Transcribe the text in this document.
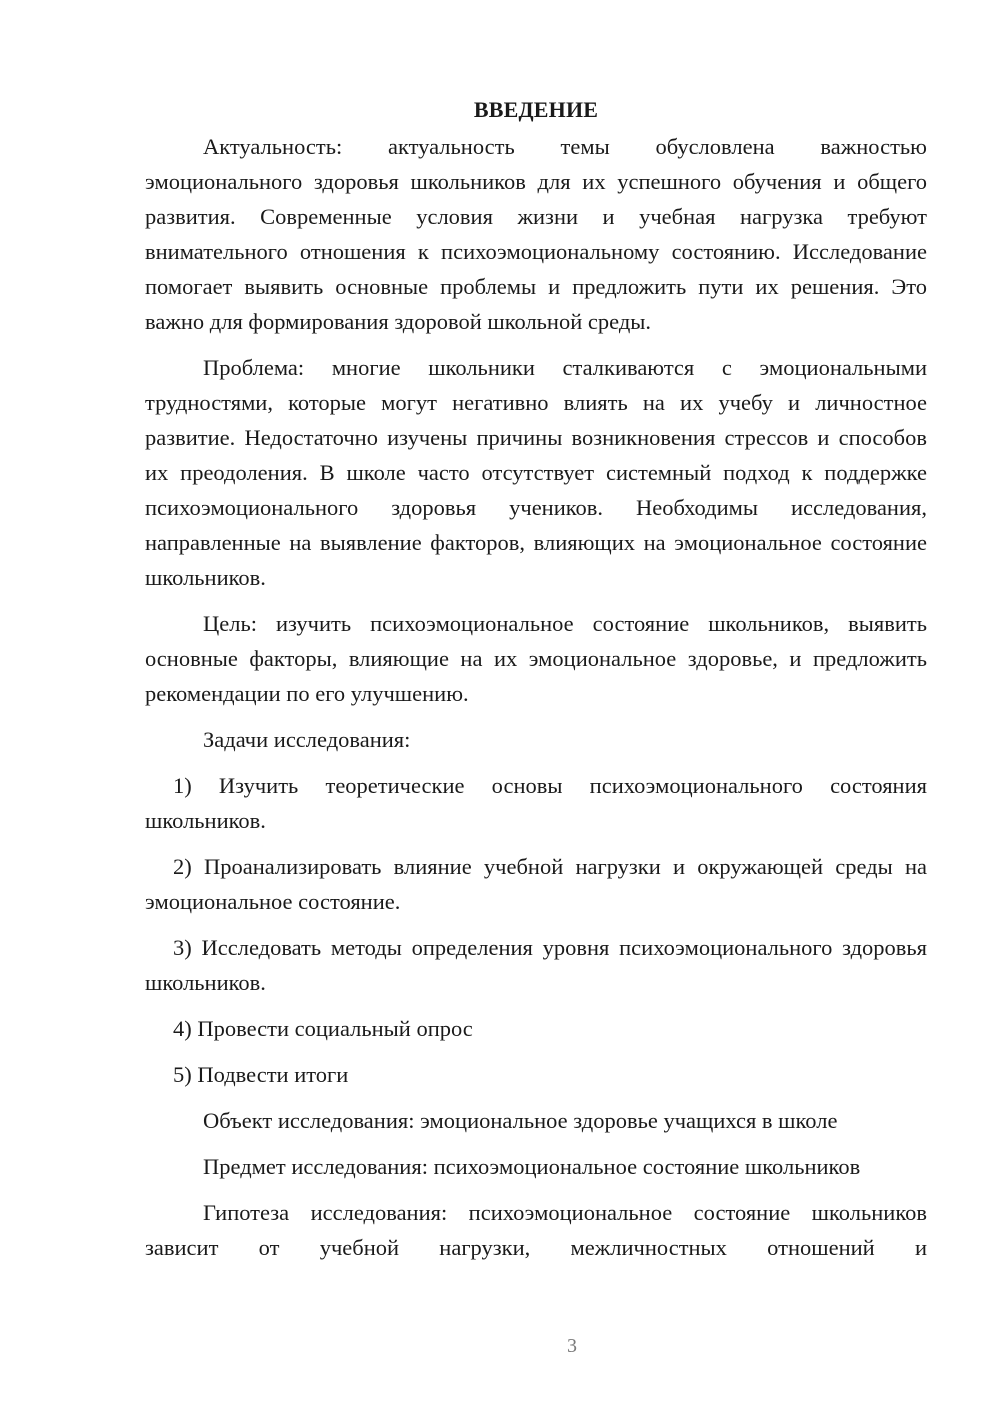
ВВЕДЕНИЕ

Актуальность: актуальность темы обусловлена важностью эмоционального здоровья школьников для их успешного обучения и общего развития. Современные условия жизни и учебная нагрузка требуют внимательного отношения к психоэмоциональному состоянию. Исследование помогает выявить основные проблемы и предложить пути их решения. Это важно для формирования здоровой школьной среды.

Проблема: многие школьники сталкиваются с эмоциональными трудностями, которые могут негативно влиять на их учебу и личностное развитие. Недостаточно изучены причины возникновения стрессов и способов их преодоления. В школе часто отсутствует системный подход к поддержке психоэмоционального здоровья учеников. Необходимы исследования, направленные на выявление факторов, влияющих на эмоциональное состояние школьников.

Цель: изучить психоэмоциональное состояние школьников, выявить основные факторы, влияющие на их эмоциональное здоровье, и предложить рекомендации по его улучшению.

Задачи исследования:

1) Изучить теоретические основы психоэмоционального состояния школьников.

2) Проанализировать влияние учебной нагрузки и окружающей среды на эмоциональное состояние.

3) Исследовать методы определения уровня психоэмоционального здоровья школьников.

4) Провести социальный опрос

5) Подвести итоги

Объект исследования: эмоциональное здоровье учащихся в школе

Предмет исследования: психоэмоциональное состояние школьников

Гипотеза исследования: психоэмоциональное состояние школьников зависит от учебной нагрузки, межличностных отношений и

3
